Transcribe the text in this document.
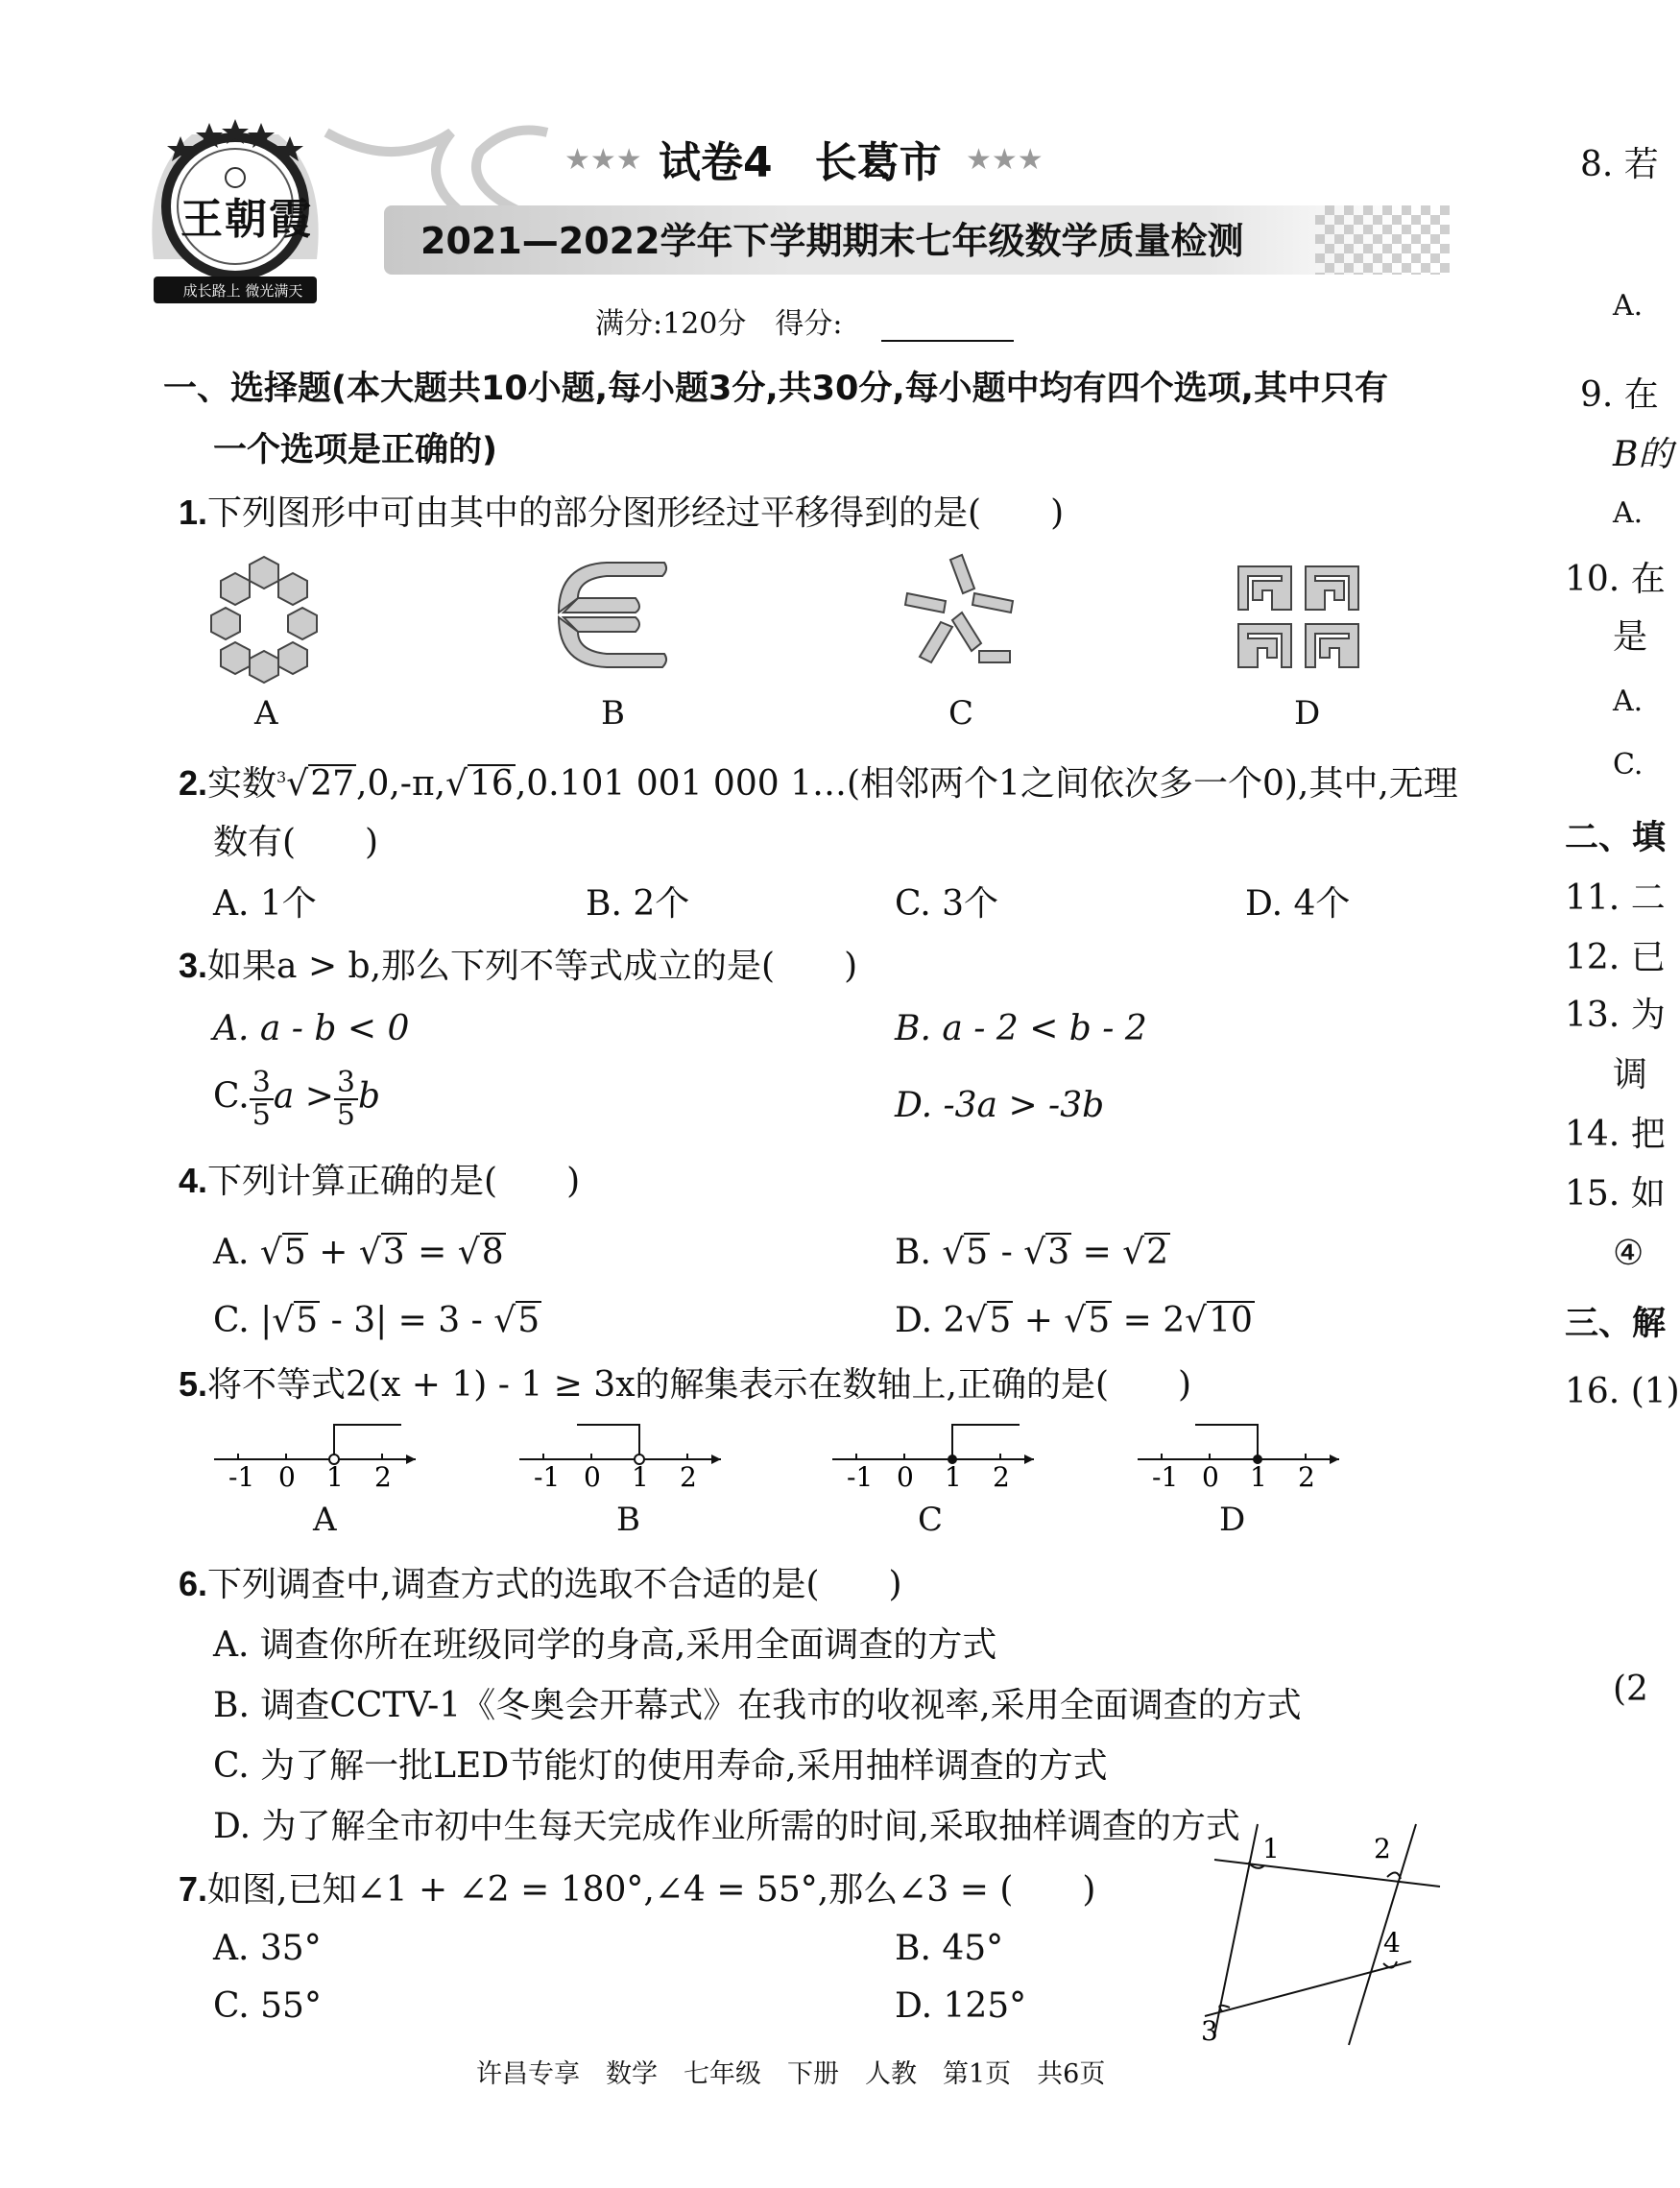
王朝霞
成长路上 微光满天
★★★ 试卷4　长葛市 ★★★
2021—2022学年下学期期末七年级数学质量检测
满分:120分　得分:
一、选择题(本大题共10小题,每小题3分,共30分,每小题中均有四个选项,其中只有
一个选项是正确的)
1.下列图形中可由其中的部分图形经过平移得到的是(　　)
A	B	C	D
2.实数$^3$√27,0,-π,√16,0.101 001 000 1…(相邻两个1之间依次多一个0),其中,无理
数有(　　)
A. 1个	B. 2个	C. 3个	D. 4个
3.如果a > b,那么下列不等式成立的是(　　)
A. a - b < 0	B. a - 2 < b - 2
C. $\frac{3}{5}$ $a > \frac{3}{5}$ b	D. -3a > -3b
4.下列计算正确的是(　　)
A. √5 + √3 = √8	B. √5 - √3 = √2
C. |√5 - 3| = 3 - √5	D. 2√5 + √5 = 2√10
5.将不等式2(x + 1) - 1 ≥ 3x的解集表示在数轴上,正确的是(　　)
-1 0 1 2	-1 0 1 2	-1 0 1 2	-1 0 1 2
A	B	C	D
6.下列调查中,调查方式的选取不合适的是(　　)
A. 调查你所在班级同学的身高,采用全面调查的方式
B. 调查CCTV-1《冬奥会开幕式》在我市的收视率,采用全面调查的方式
C. 为了解一批LED节能灯的使用寿命,采用抽样调查的方式
D. 为了解全市初中生每天完成作业所需的时间,采取抽样调查的方式
7.如图,已知∠1 + ∠2 = 180°,∠4 = 55°,那么∠3 = (　　)
A. 35°	B. 45°
C. 55°	D. 125°
1	2
3
4
许昌专享　数学　七年级　下册　人教　第1页　共6页
8. 若
A.
9. 在
B的
A.
10. 在
是
A.
C.
二、填
11. 二
12. 已
13. 为
调
14. 把
15. 如
④
三、解
16. (1)
(2
